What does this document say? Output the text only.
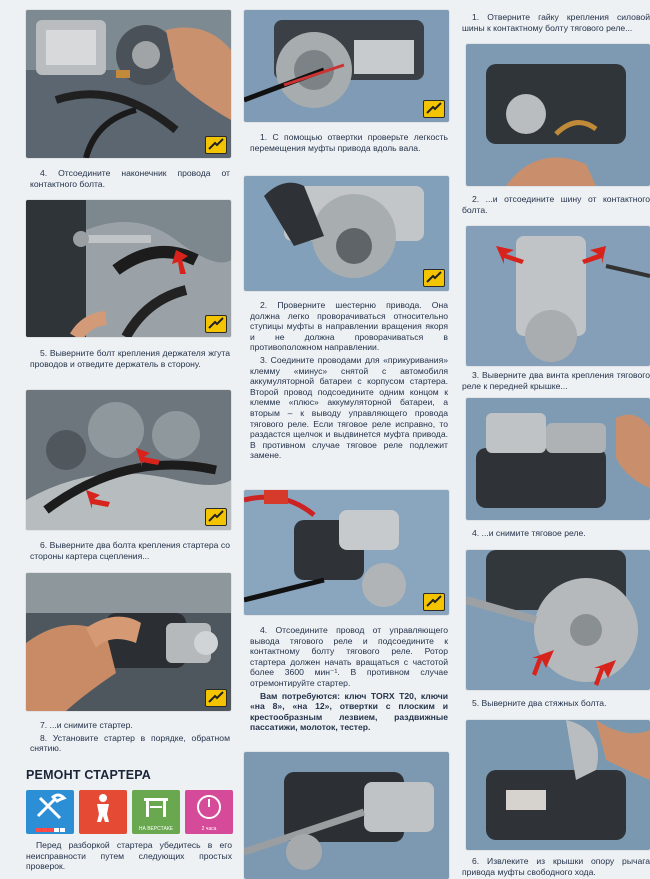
4. Отсоедините наконечник провода от контактного болта.

5. Выверните болт крепления держателя жгута проводов и отведите держатель в сторону.

6. Выверните два болта крепления стартера со стороны картера сцепления...

7. ...и снимите стартер.

8. Установите стартер в порядке, обратном снятию.

РЕМОНТ СТАРТЕРА
НА ВЕРСТАКЕ	2 часа

Перед разборкой стартера убедитесь в его неисправности путем следующих простых проверок.

1. С помощью отвертки проверьте легкость перемещения муфты привода вдоль вала.

2. Проверните шестерню привода. Она должна легко проворачиваться относительно ступицы муфты в направлении вращения якоря и не должна проворачиваться в противоположном направлении.

3. Соедините проводами для «прикуривания» клемму «минус» снятой с автомобиля аккумуляторной батареи с корпусом стартера. Второй провод подсоедините одним концом к клемме «плюс» аккумуляторной батареи, а вторым – к выводу управляющего провода тягового реле. Если тяговое реле исправно, то раздастся щелчок и выдвинется муфта привода. В противном случае тяговое реле подлежит замене.

4. Отсоедините провод от управляющего вывода тягового реле и подсоедините к контактному болту тягового реле. Ротор стартера должен начать вращаться с частотой более 3600 мин⁻¹. В противном случае отремонтируйте стартер.

Вам потребуются: ключ TORX T20, ключи «на 8», «на 12», отвертки с плоским и крестообразным лезвием, раздвижные пассатижи, молоток, тестер.

1. Отверните гайку крепления силовой шины к контактному болту тягового реле...

2. ...и отсоедините шину от контактного болта.

3. Выверните два винта крепления тягового реле к передней крышке...

4. ...и снимите тяговое реле.

5. Выверните два стяжных болта.

6. Извлеките из крышки опору рычага привода муфты свободного хода.
